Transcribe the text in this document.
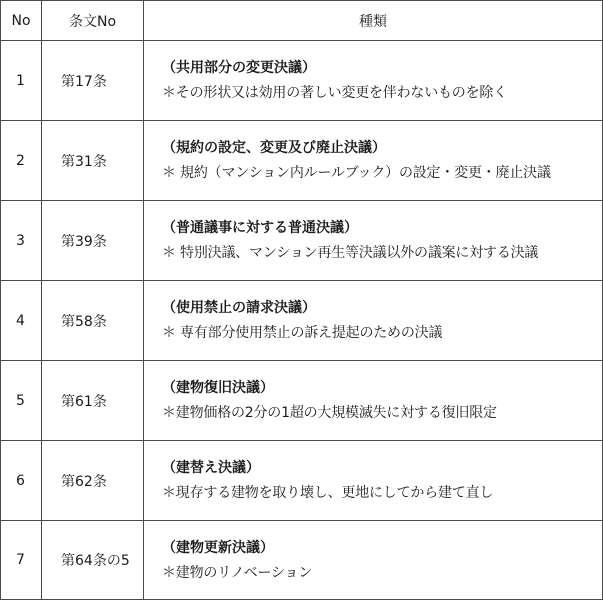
No	条文No	種類
1	第17条	（共用部分の変更決議）
＊その形状又は効用の著しい変更を伴わないものを除く

2	第31条	（規約の設定、変更及び廃止決議）
＊ 規約（マンション内ルールブック）の設定・変更・廃止決議

3	第39条	（普通議事に対する普通決議）
＊ 特別決議、マンション再生等決議以外の議案に対する決議

4	第58条	（使用禁止の請求決議）
＊ 専有部分使用禁止の訴え提起のための決議

5	第61条	（建物復旧決議）
＊建物価格の2分の1超の大規模滅失に対する復旧限定

6	第62条	（建替え決議）
＊現存する建物を取り壊し、更地にしてから建て直し

7	第64条の5	（建物更新決議）
＊建物のリノベーション
